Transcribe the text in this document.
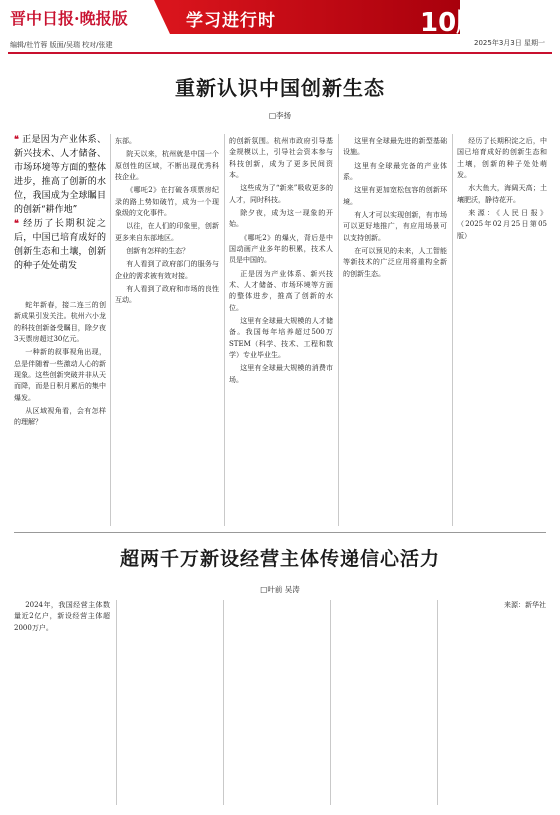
晋中日报·晚报版
编辑/杜竹蓉 版面/吴瑞 校对/张建
学习进行时	10版
2025年3月3日 星期一
重新认识中国创新生态
□李扬
❝ 正是因为产业体系、新兴技术、人才储备、市场环境等方面的整体进步，推高了创新的水位，我国成为全球瞩目的创新“耕作地”
❝ 经历了长期积淀之后，中国已培育成好的创新生态和土壤，创新的种子处处萌发

蛇年新春，接二连三的创新成果引发关注。杭州六小龙的科技创新备受瞩目，除夕夜3天票房超过30亿元。

一种新的叙事视角出现，总是伴随着一些激动人心的新现象。这些创新突破并非从天而降，而是日积月累后的集中爆发。

从区域视角看，会有怎样的理解？

东部。

院天以来，杭州就是中国一个原创性的区域，不断出现优秀科技企业。

《哪吒2》在打破各项票房纪录的路上势如破竹，成为一个现象级的文化事件。

以往，在人们的印象里，创新更多来自东部地区。

创新有怎样的生态？

有人看到了政府部门的服务与企业的需求被有效对接。

有人看到了政府和市场的良性互动。

的创新氛围。杭州市政府引导基金规模以上，引导社会资本参与科技创新，成为了更多民间资本。

这些成为了“新来”吸收更多的人才，同时科技。

除夕夜，成为这一现象的开始。

《哪吒2》的爆火，背后是中国动画产业多年的积累，技术人员是中国的。

正是因为产业体系、新兴技术、人才储备、市场环境等方面的整体进步，推高了创新的水位。

这里有全球最大规模的人才储备。我国每年培养超过500万STEM（科学、技术、工程和数学）专业毕业生。

这里有全球最大规模的消费市场。

这里有全球最先进的新型基础设施。

这里有全球最完备的产业体系。

这里有更加宽松包容的创新环境。

有人才可以实现创新，有市场可以更好地推广，有应用场景可以支持创新。

在可以预见的未来，人工智能等新技术的广泛应用将重构全新的创新生态。

经历了长期积淀之后，中国已培育成好的创新生态和土壤，创新的种子处处萌发。

水大鱼大，海阔天高；土壤肥沃，静待花开。

来源：《人民日报》（2025年02月25日第05版）

超两千万新设经营主体传递信心活力
□叶前 吴涛

2024年，我国经营主体数量近2亿户，新设经营主体超2000万户。

来源：新华社
